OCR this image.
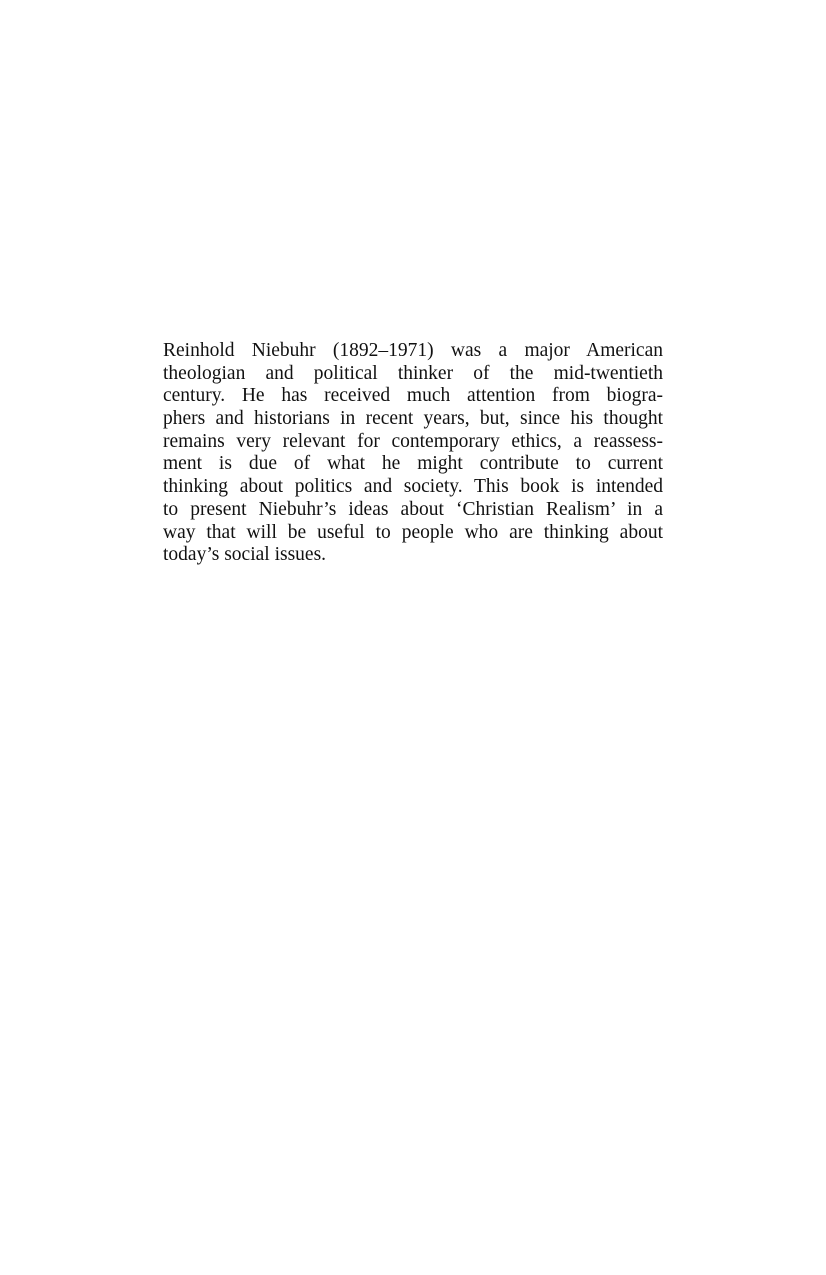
Reinhold Niebuhr (1892–1971) was a major American
theologian and political thinker of the mid-twentieth
century. He has received much attention from biogra-
phers and historians in recent years, but, since his thought
remains very relevant for contemporary ethics, a reassess-
ment is due of what he might contribute to current
thinking about politics and society. This book is intended
to present Niebuhr’s ideas about ‘Christian Realism’ in a
way that will be useful to people who are thinking about
today’s social issues.
